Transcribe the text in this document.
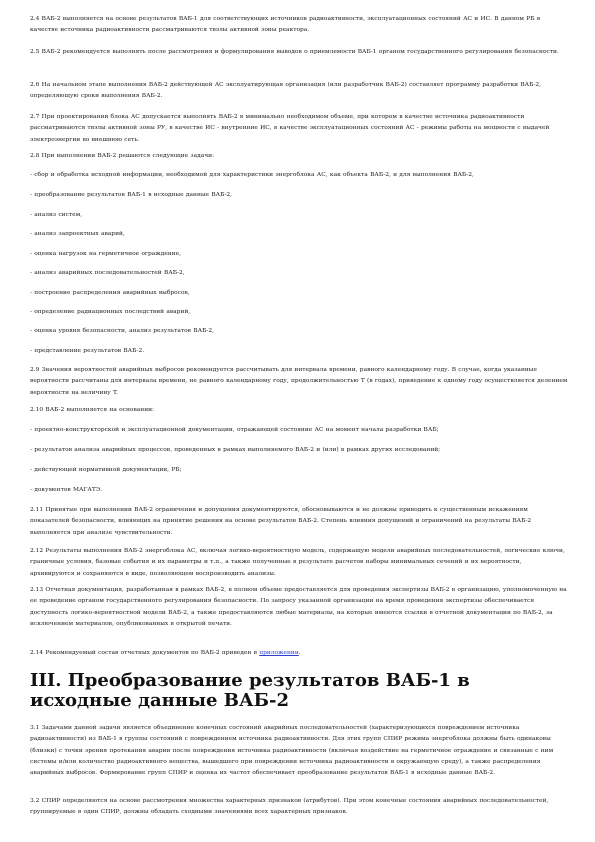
2.4 ВАБ-2 выполняется на основе результатов ВАБ-1 для соответствующих источников радиоактивности, эксплуатационных состояний АС и ИС. В данном РБ в качестве источника радиоактивности рассматриваются твэлы активной зоны реактора.

2.5 ВАБ-2 рекомендуется выполнять после рассмотрения и формулирования выводов о приемлемости ВАБ-1 органом государственного регулирования безопасности.

2.6 На начальном этапе выполнения ВАБ-2 действующей АС эксплуатирующая организация (или разработчик ВАБ-2) составляет программу разработки ВАБ-2, определяющую сроки выполнения ВАБ-2.

2.7 При проектировании блока АС допускается выполнять ВАБ-2 в минимально необходимом объеме, при котором в качестве источника радиоактивности рассматриваются твэлы активной зоны РУ, в качестве ИС - внутренние ИС, в качестве эксплуатационных состояний АС - режимы работы на мощности с выдачей электроэнергии во внешнюю сеть.

2.8 При выполнении ВАБ-2 решаются следующие задачи:

- сбор и обработка исходной информации, необходимой для характеристики энергоблока АС, как объекта ВАБ-2, и для выполнения ВАБ-2,

- преобразование результатов ВАБ-1 в исходные данные ВАБ-2,

- анализ систем,

- анализ запроектных аварий,

- оценка нагрузок на герметичное ограждение,

- анализ аварийных последовательностей ВАБ-2,

- построение распределения аварийных выбросов,

- определение радиационных последствий аварий,

- оценка уровня безопасности, анализ результатов ВАБ-2,

- представление результатов ВАБ-2.

2.9 Значения вероятностей аварийных выбросов рекомендуется рассчитывать для интервала времени, равного календарному году. В случае, когда указанные вероятности рассчитаны для интервала времени, не равного календарному году, продолжительностью T (в годах), приведение к одному году осуществляется делением вероятности на величину T.

2.10 ВАБ-2 выполняется на основании:

- проектно-конструкторской и эксплуатационной документации, отражающей состояние АС на момент начала разработки ВАБ;

- результатов анализа аварийных процессов, проведенных в рамках выполняемого ВАБ-2 и (или) в рамках других исследований;

- действующей нормативной документации, РБ;

- документов МАГАТЭ.

2.11 Принятые при выполнении ВАБ-2 ограничения и допущения документируются, обосновываются и не должны приводить к существенным искажениям показателей безопасности, влияющих на принятие решения на основе результатов ВАБ-2. Степень влияния допущений и ограничений на результаты ВАБ-2 выполняется при анализе чувствительности.

2.12 Результаты выполнения ВАБ-2 энергоблока АС, включая логико-вероятностную модель, содержащую модели аварийных последовательностей, логические ключи, граничные условия, базовые события и их параметры и т.п., а также полученные в результате расчетов наборы минимальных сечений и их вероятности, архивируются и сохраняются в виде, позволяющем воспроизводить анализы.

2.13 Отчетная документация, разработанная в рамках ВАБ-2, в полном объеме предоставляется для проведения экспертизы ВАБ-2 в организацию, уполномоченную на ее проведение органом государственного регулирования безопасности. По запросу указанной организации на время проведения экспертизы обеспечивается доступность логико-вероятностной модели ВАБ-2, а также предоставляются любые материалы, на которые имеются ссылки в отчетной документации по ВАБ-2, за исключением материалов, опубликованных в открытой печати.

2.14 Рекомендуемый состав отчетных документов по ВАБ-2 приведен в приложении.

III. Преобразование результатов ВАБ-1 в исходные данные ВАБ-2

3.1 Задачами данной задачи является объединение конечных состояний аварийных последовательностей (характеризующихся повреждением источника радиоактивности) из ВАБ-1 в группы состояний с повреждением источника радиоактивности. Для этих групп СПИР режима энергоблока должны быть одинаковы (близки) с точки зрения протекания аварии после повреждения источника радиоактивности (включая воздействие на герметичное ограждение и связанные с ним системы и/или количество радиоактивного вещества, вышедшего при повреждении источника радиоактивности в окружающую среду), а также распределения аварийных выбросов. Формирование групп СПИР и оценка их частот обеспечивает преобразование результатов ВАБ-1 в исходные данные ВАБ-2.

3.2 СПИР определяются на основе рассмотрения множества характерных признаков (атрибутов). При этом конечные состояния аварийных последовательностей, группируемые в один СПИР, должны обладать сходными значениями всех характерных признаков.
